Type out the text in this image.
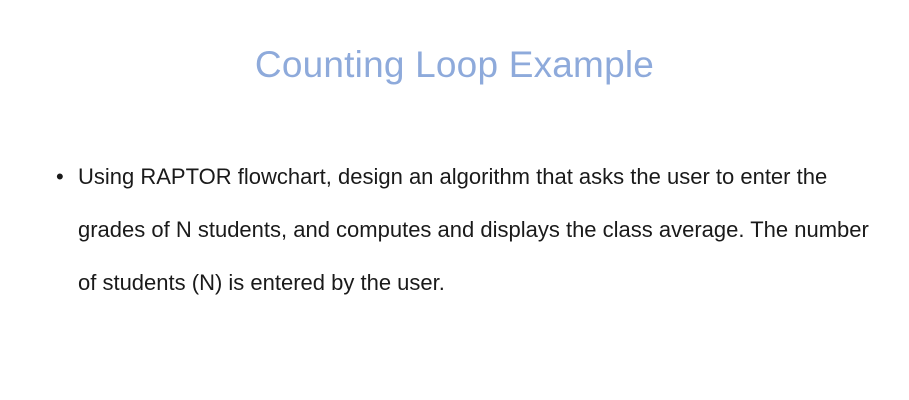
Counting Loop Example
• Using RAPTOR flowchart, design an algorithm that asks the user to enter the grades of N students, and computes and displays the class average. The number of students (N) is entered by the user.
